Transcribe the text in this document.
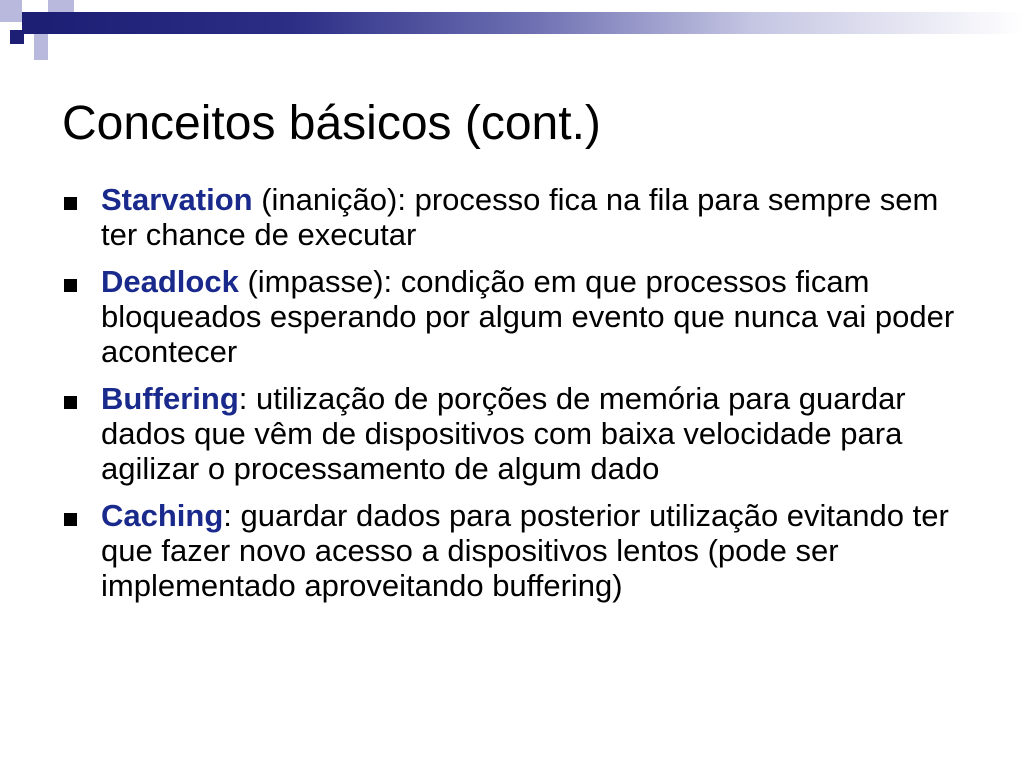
Conceitos básicos (cont.)
Starvation (inanição): processo fica na fila para sempre sem ter chance de executar
Deadlock (impasse): condição em que processos ficam bloqueados esperando por algum evento que nunca vai poder acontecer
Buffering: utilização de porções de memória para guardar dados que vêm de dispositivos com baixa velocidade para agilizar o processamento de algum dado
Caching: guardar dados para posterior utilização evitando ter que fazer novo acesso a dispositivos lentos (pode ser implementado aproveitando buffering)
